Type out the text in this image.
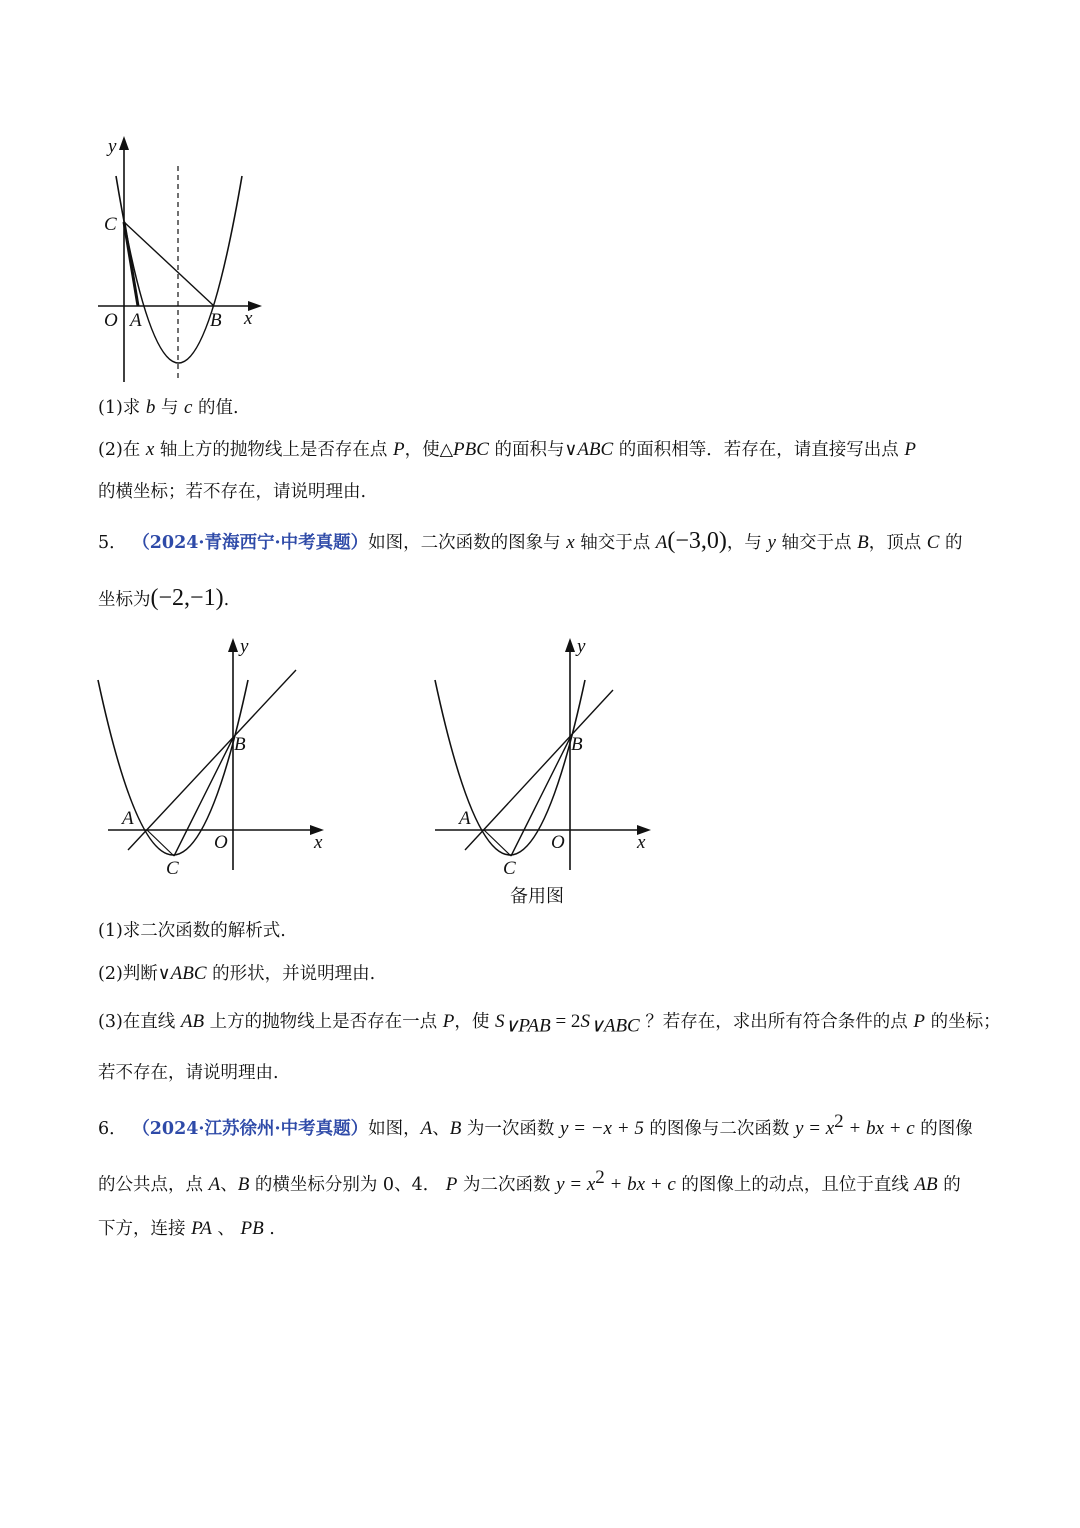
y
C
O A	B x
(1)求 b 与 c 的值.
(2)在 x 轴上方的抛物线上是否存在点 P，使△PBC 的面积与∨ABC 的面积相等．若存在，请直接写出点 P
的横坐标；若不存在，请说明理由.
5． （2024·青海西宁·中考真题）如图，二次函数的图象与 x 轴交于点 A(−3,0)，与 y 轴交于点 B，顶点 C 的
坐标为(−2,−1).
y
B
A
O	x
C
y
B
A
O	x
C
备用图
(1)求二次函数的解析式.
(2)判断∨ABC 的形状，并说明理由.
(3)在直线 AB 上方的抛物线上是否存在一点 P，使 $S_{\vee PAB} = 2S_{\vee ABC}$ ？若存在，求出所有符合条件的点 P 的坐标；
若不存在，请说明理由.
6． （2024·江苏徐州·中考真题）如图，A、B 为一次函数 y = −x + 5 的图像与二次函数 $y = x^2$ + bx + c 的图像
的公共点，点 A、B 的横坐标分别为 0、4． P 为二次函数 $y = x^2$ + bx + c 的图像上的动点，且位于直线 AB 的
下方，连接 PA 、 PB .
